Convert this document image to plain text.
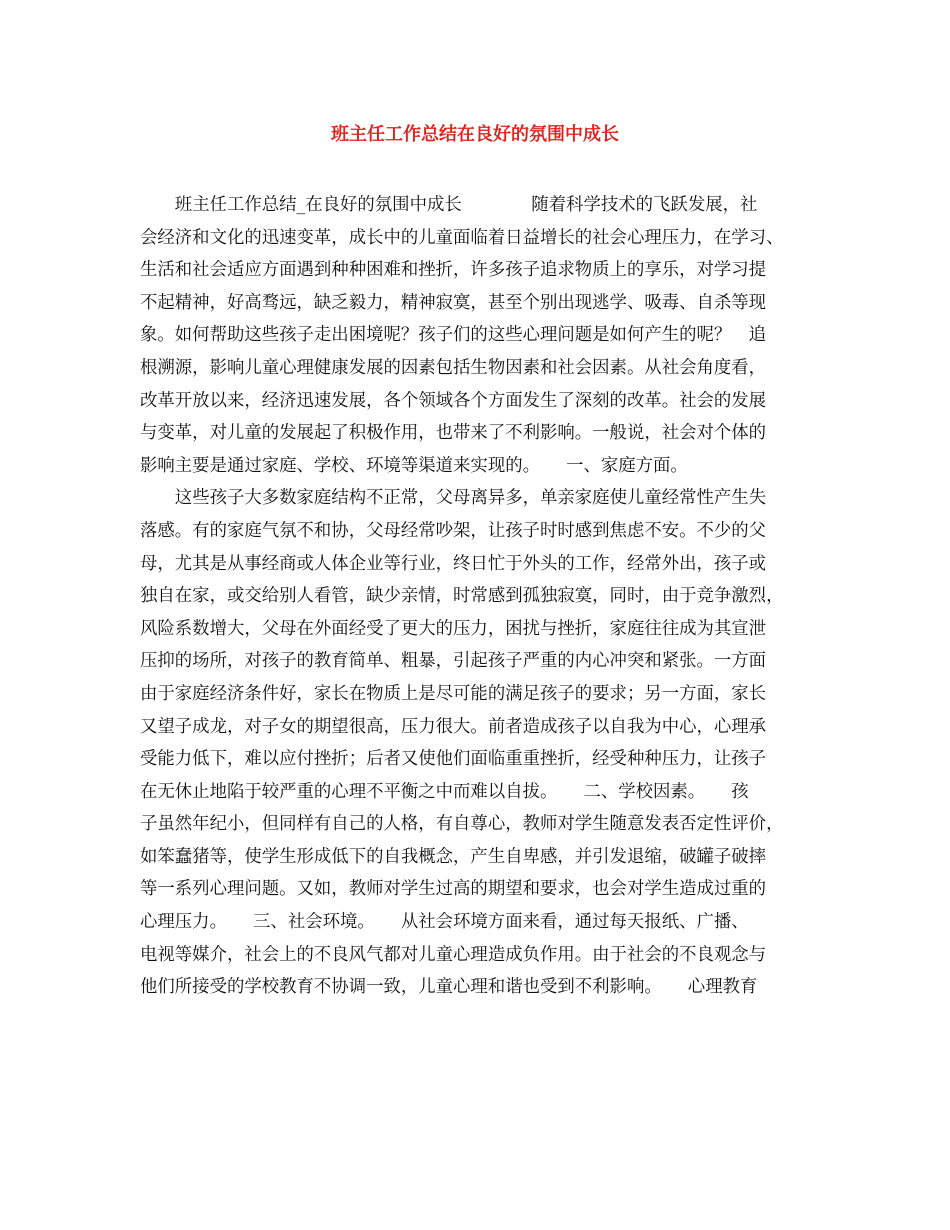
班主任工作总结在良好的氛围中成长

班主任工作总结_在良好的氛围中成长　　　　随着科学技术的飞跃发展，社
会经济和文化的迅速变革，成长中的儿童面临着日益增长的社会心理压力，在学习、
生活和社会适应方面遇到种种困难和挫折，许多孩子追求物质上的享乐，对学习提
不起精神，好高骛远，缺乏毅力，精神寂寞，甚至个别出现逃学、吸毒、自杀等现
象。如何帮助这些孩子走出困境呢？孩子们的这些心理问题是如何产生的呢？　追
根溯源，影响儿童心理健康发展的因素包括生物因素和社会因素。从社会角度看，
改革开放以来，经济迅速发展，各个领域各个方面发生了深刻的改革。社会的发展
与变革，对儿童的发展起了积极作用，也带来了不利影响。一般说，社会对个体的
影响主要是通过家庭、学校、环境等渠道来实现的。　　一、家庭方面。

这些孩子大多数家庭结构不正常，父母离异多，单亲家庭使儿童经常性产生失
落感。有的家庭气氛不和协，父母经常吵架，让孩子时时感到焦虑不安。不少的父
母，尤其是从事经商或人体企业等行业，终日忙于外头的工作，经常外出，孩子或
独自在家，或交给别人看管，缺少亲情，时常感到孤独寂寞，同时，由于竞争激烈，
风险系数增大，父母在外面经受了更大的压力，困扰与挫折，家庭往往成为其宣泄
压抑的场所，对孩子的教育简单、粗暴，引起孩子严重的内心冲突和紧张。一方面
由于家庭经济条件好，家长在物质上是尽可能的满足孩子的要求；另一方面，家长
又望子成龙，对子女的期望很高，压力很大。前者造成孩子以自我为中心，心理承
受能力低下，难以应付挫折；后者又使他们面临重重挫折，经受种种压力，让孩子
在无休止地陷于较严重的心理不平衡之中而难以自拔。　　二、学校因素。　　孩
子虽然年纪小，但同样有自己的人格，有自尊心，教师对学生随意发表否定性评价，
如笨蠢猪等，使学生形成低下的自我概念，产生自卑感，并引发退缩，破罐子破摔
等一系列心理问题。又如，教师对学生过高的期望和要求，也会对学生造成过重的
心理压力。　　三、社会环境。　　从社会环境方面来看，通过每天报纸、广播、
电视等媒介，社会上的不良风气都对儿童心理造成负作用。由于社会的不良观念与
他们所接受的学校教育不协调一致，儿童心理和谐也受到不利影响。　　心理教育
